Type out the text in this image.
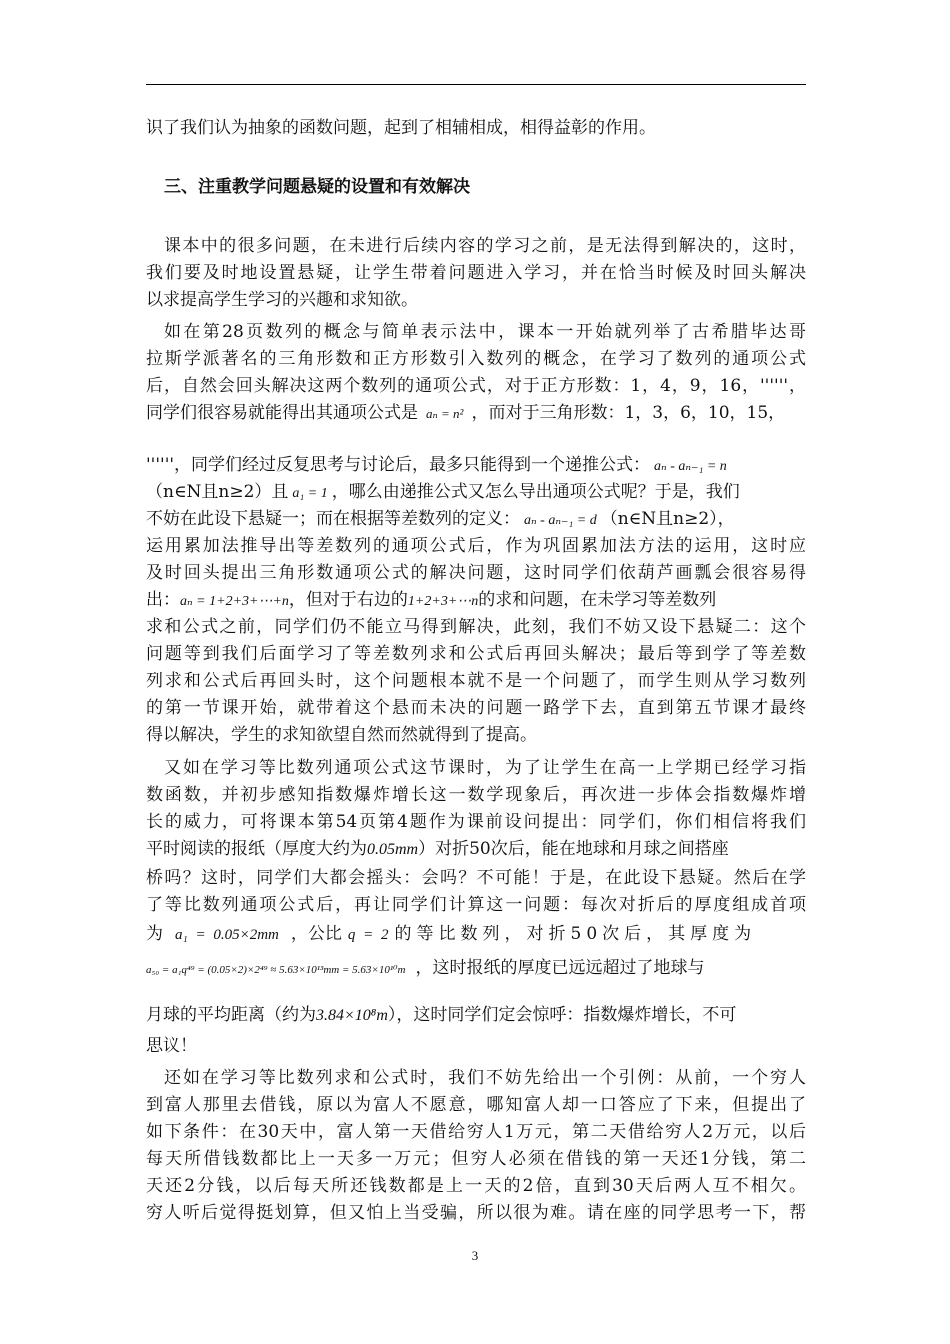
识了我们认为抽象的函数问题，起到了相辅相成，相得益彰的作用。
三、注重教学问题悬疑的设置和有效解决
课本中的很多问题，在未进行后续内容的学习之前，是无法得到解决的，这时，
我们要及时地设置悬疑，让学生带着问题进入学习，并在恰当时候及时回头解决
以求提高学生学习的兴趣和求知欲。
如在第28页数列的概念与简单表示法中，课本一开始就列举了古希腊毕达哥
拉斯学派著名的三角形数和正方形数引入数列的概念，在学习了数列的通项公式
后，自然会回头解决这两个数列的通项公式，对于正方形数：1，4，9，16，''''''，
同学们很容易就能得出其通项公式是 aₙ = n² ，而对于三角形数：1，3，6，10，15，
''''''，同学们经过反复思考与讨论后，最多只能得到一个递推公式： aₙ - aₙ₋₁ = n
（n∈N且n≥2）且 a₁ = 1 ，哪么由递推公式又怎么导出通项公式呢？于是，我们
不妨在此设下悬疑一；而在根据等差数列的定义： aₙ - aₙ₋₁ = d （n∈N且n≥2），
运用累加法推导出等差数列的通项公式后，作为巩固累加法方法的运用，这时应
及时回头提出三角形数通项公式的解决问题，这时同学们依葫芦画瓢会很容易得
出：aₙ = 1+2+3+⋯+n，但对于右边的1+2+3+⋯n的求和问题，在未学习等差数列
求和公式之前，同学们仍不能立马得到解决，此刻，我们不妨又设下悬疑二：这个
问题等到我们后面学习了等差数列求和公式后再回头解决；最后等到学了等差数
列求和公式后再回头时，这个问题根本就不是一个问题了，而学生则从学习数列
的第一节课开始，就带着这个悬而未决的问题一路学下去，直到第五节课才最终
得以解决，学生的求知欲望自然而然就得到了提高。
又如在学习等比数列通项公式这节课时，为了让学生在高一上学期已经学习指
数函数，并初步感知指数爆炸增长这一数学现象后，再次进一步体会指数爆炸增
长的威力，可将课本第54页第4题作为课前设问提出：同学们，你们相信将我们
平时阅读的报纸（厚度大约为0.05mm）对折50次后，能在地球和月球之间搭座
桥吗？这时，同学们大都会摇头：会吗？不可能！于是，在此设下悬疑。然后在学
了等比数列通项公式后，再让同学们计算这一问题：每次对折后的厚度组成首项
为 a₁ = 0.05×2mm ，公比 q = 2 的等比数列，对折50次后，其厚度为
a₅₀ = a₁q⁴⁹ = (0.05×2)×2⁴⁹ ≈ 5.63×10¹³mm = 5.63×10¹⁰m ，这时报纸的厚度已远远超过了地球与
月球的平均距离（约为3.84×10⁸m），这时同学们定会惊呼：指数爆炸增长，不可
思议！
还如在学习等比数列求和公式时，我们不妨先给出一个引例：从前，一个穷人
到富人那里去借钱，原以为富人不愿意，哪知富人却一口答应了下来，但提出了
如下条件：在30天中，富人第一天借给穷人1万元，第二天借给穷人2万元，以后
每天所借钱数都比上一天多一万元；但穷人必须在借钱的第一天还1分钱，第二
天还2分钱，以后每天所还钱数都是上一天的2倍，直到30天后两人互不相欠。
穷人听后觉得挺划算，但又怕上当受骗，所以很为难。请在座的同学思考一下，帮
3
